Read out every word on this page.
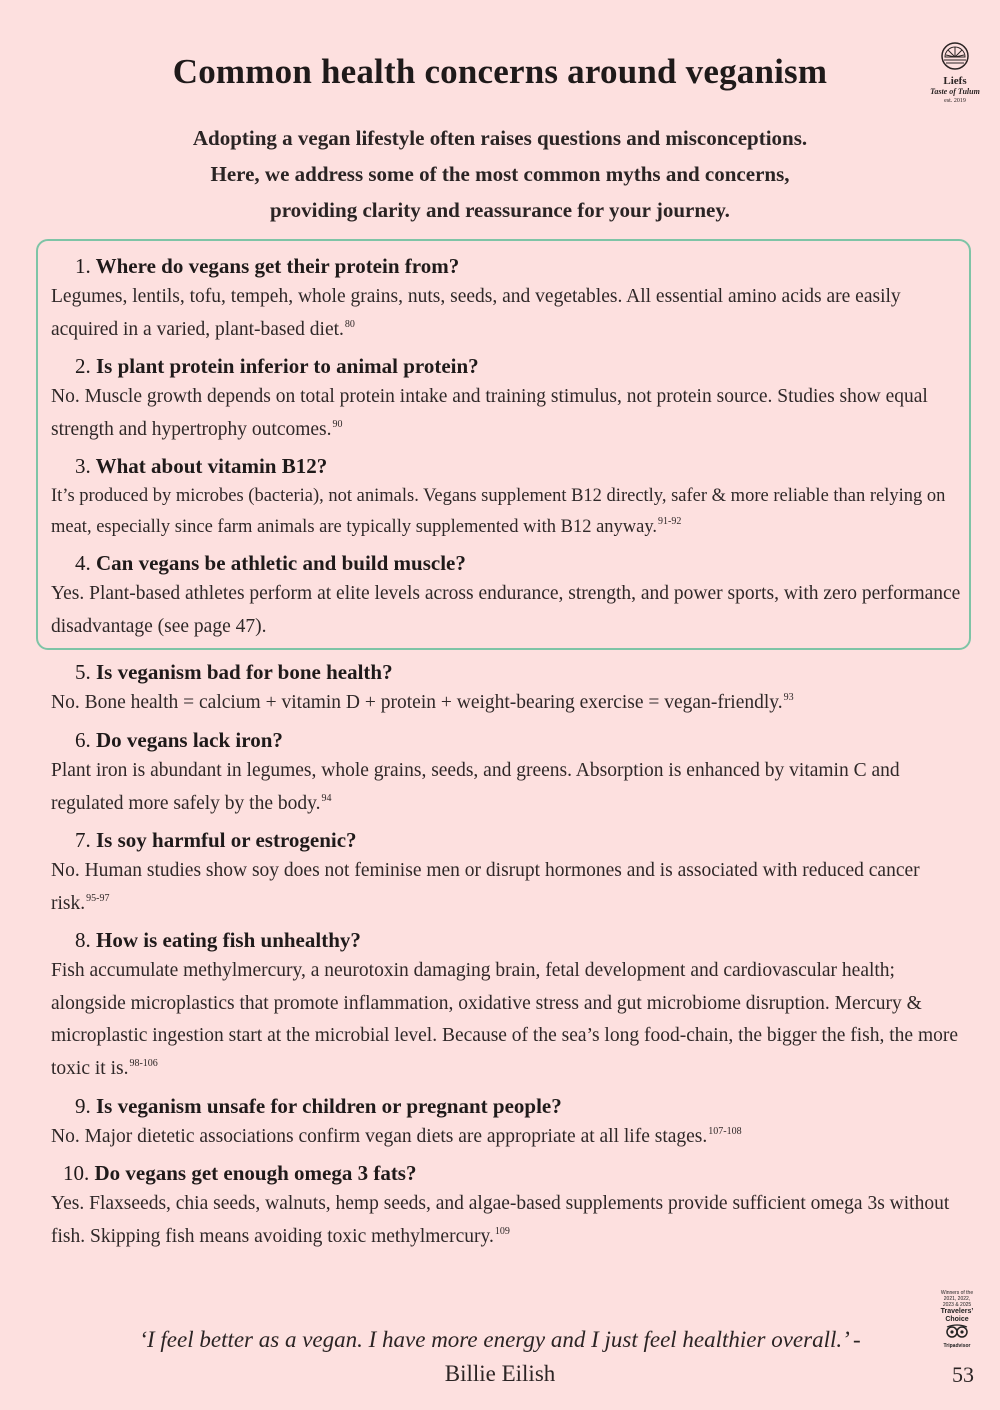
Common health concerns around veganism
Adopting a vegan lifestyle often raises questions and misconceptions.
Here, we address some of the most common myths and concerns,
providing clarity and reassurance for your journey.
Liefs
Taste of Tulum
est. 2019
1. Where do vegans get their protein from?
Legumes, lentils, tofu, tempeh, whole grains, nuts, seeds, and vegetables. All essential amino acids are easily acquired in a varied, plant-based diet.$^{80}$
2. Is plant protein inferior to animal protein?
No. Muscle growth depends on total protein intake and training stimulus, not protein source. Studies show equal strength and hypertrophy outcomes.$^{90}$
3. What about vitamin B12?
It’s produced by microbes (bacteria), not animals. Vegans supplement B12 directly, safer & more reliable than relying on meat, especially since farm animals are typically supplemented with B12 anyway.$^{91-92}$
4. Can vegans be athletic and build muscle?
Yes. Plant-based athletes perform at elite levels across endurance, strength, and power sports, with zero performance disadvantage (see page 47).
5. Is veganism bad for bone health?
No. Bone health = calcium + vitamin D + protein + weight-bearing exercise = vegan-friendly.$^{93}$
6. Do vegans lack iron?
Plant iron is abundant in legumes, whole grains, seeds, and greens. Absorption is enhanced by vitamin C and regulated more safely by the body.$^{94}$
7. Is soy harmful or estrogenic?
No. Human studies show soy does not feminise men or disrupt hormones and is associated with reduced cancer risk.$^{95-97}$
8. How is eating fish unhealthy?
Fish accumulate methylmercury, a neurotoxin damaging brain, fetal development and cardiovascular health; alongside microplastics that promote inflammation, oxidative stress and gut microbiome disruption. Mercury & microplastic ingestion start at the microbial level. Because of the sea’s long food-chain, the bigger the fish, the more toxic it is.$^{98-106}$
9. Is veganism unsafe for children or pregnant people?
No. Major dietetic associations confirm vegan diets are appropriate at all life stages.$^{107-108}$
10. Do vegans get enough omega 3 fats?
Yes. Flaxseeds, chia seeds, walnuts, hemp seeds, and algae-based supplements provide sufficient omega 3s without fish. Skipping fish means avoiding toxic methylmercury.$^{109}$
Winners of the
2021, 2022,
2023 & 2025
Travelers’
Choice
Tripadvisor
‘I feel better as a vegan. I have more energy and I just feel healthier overall.’ -
Billie Eilish	53
